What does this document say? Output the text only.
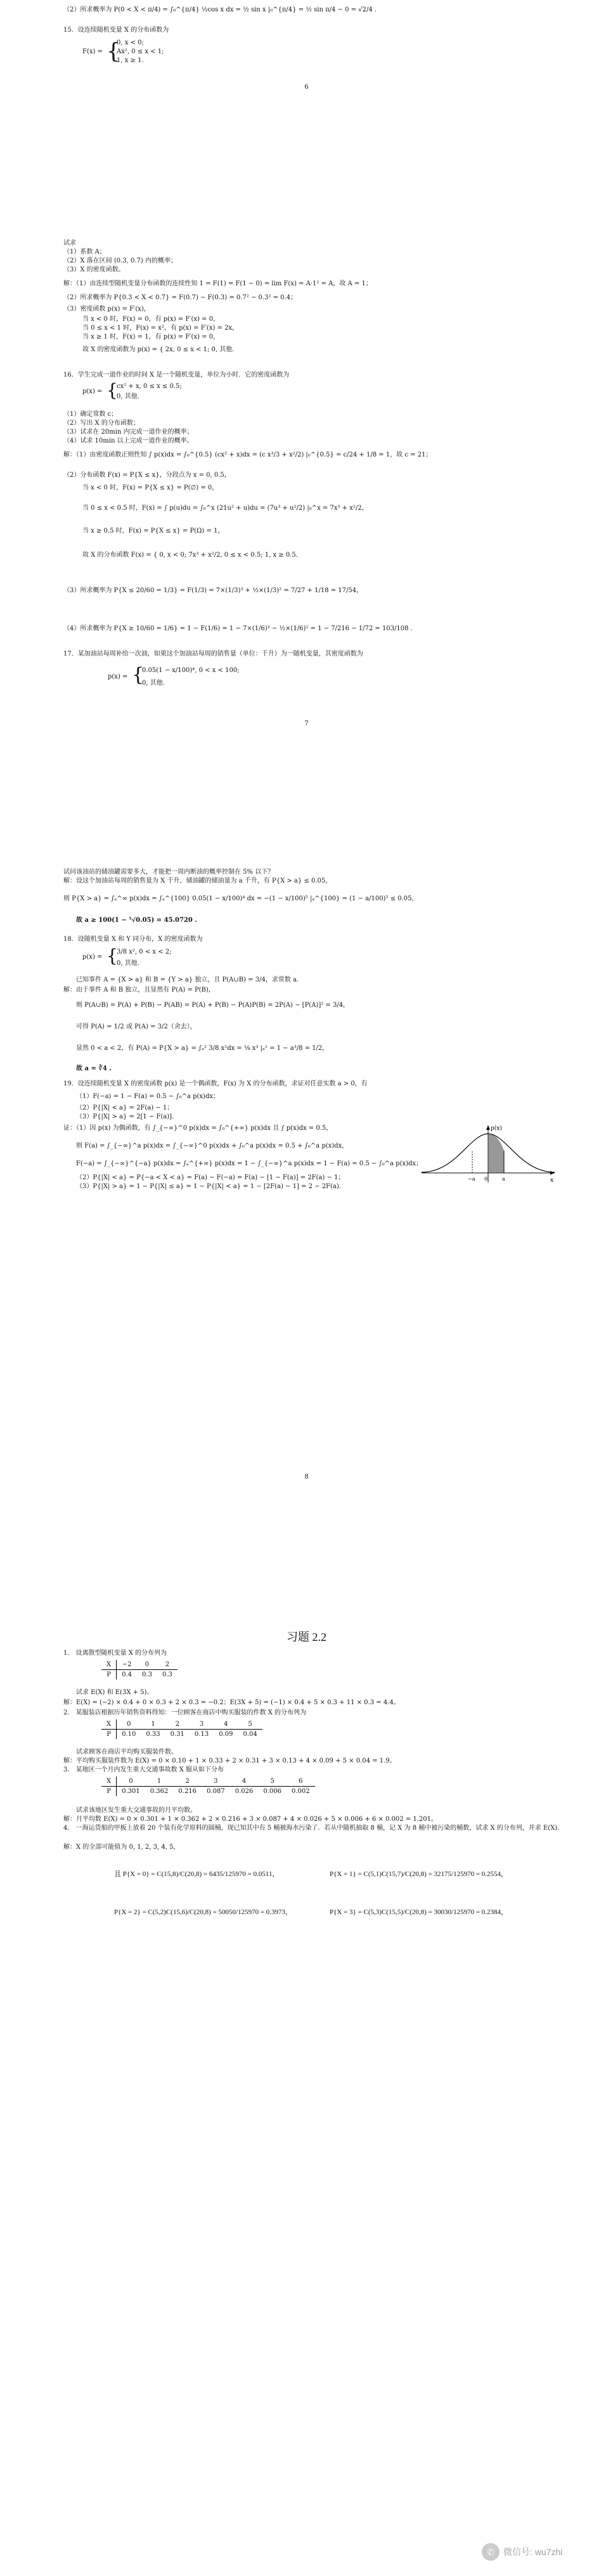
（2）所求概率为 P(0 < X < π/4) = ∫₀^{π/4} ½cos x dx = ½ sin x |₀^{π/4} = ½ sin π/4 − 0 = √2/4 .
15．设连续随机变量 X 的分布函数为
F(x) = {
0, x < 0;
Ax², 0 ≤ x < 1;
1, x ≥ 1.
6
试求
（1）系数 A；
（2）X 落在区间 (0.3, 0.7) 内的概率；
（3）X 的密度函数。
解：（1）由连续型随机变量分布函数的连续性知 1 = F(1) = F(1 − 0) = lim F(x) = A·1² = A，故 A = 1；
（2）所求概率为 P{0.3 < X < 0.7} = F(0.7) − F(0.3) = 0.7² − 0.3² = 0.4；
（3）密度函数 p(x) = F′(x)，
当 x < 0 时，F(x) = 0，有 p(x) = F′(x) = 0，
当 0 ≤ x < 1 时，F(x) = x²，有 p(x) = F′(x) = 2x，
当 x ≥ 1 时，F(x) = 1，有 p(x) = F′(x) = 0，
故 X 的密度函数为 p(x) = { 2x, 0 ≤ x < 1; 0, 其他.
16．学生完成一道作业的时间 X 是一个随机变量，单位为小时．它的密度函数为
p(x) = {
cx² + x, 0 ≤ x ≤ 0.5;
0, 其他.
（1）确定常数 c；
（2）写出 X 的分布函数；
（3）试求在 20min 内完成一道作业的概率；
（4）试求 10min 以上完成一道作业的概率。
解：（1）由密度函数正则性知 ∫ p(x)dx = ∫₀^{0.5} (cx² + x)dx = (c x³/3 + x²/2) |₀^{0.5} = c/24 + 1/8 = 1，故 c = 21；
（2）分布函数 F(x) = P{X ≤ x}，分段点为 x = 0, 0.5，
当 x < 0 时，F(x) = P{X ≤ x} = P(∅) = 0，
当 0 ≤ x < 0.5 时，F(x) = ∫ p(u)du = ∫₀^x (21u² + u)du = (7u³ + u²/2) |₀^x = 7x³ + x²/2，
当 x ≥ 0.5 时，F(x) = P{X ≤ x} = P(Ω) = 1，
故 X 的分布函数 F(x) = { 0, x < 0; 7x³ + x²/2, 0 ≤ x < 0.5; 1, x ≥ 0.5.
（3）所求概率为 P{X ≤ 20/60 = 1/3} = F(1/3) = 7×(1/3)³ + ½×(1/3)² = 7/27 + 1/18 = 17/54，
（4）所求概率为 P{X ≥ 10/60 = 1/6} = 1 − F(1/6) = 1 − 7×(1/6)³ − ½×(1/6)² = 1 − 7/216 − 1/72 = 103/108 .
17．某加油站每周补给一次油，如果这个加油站每周的销售量（单位：千升）为一随机变量，其密度函数为
p(x) = {
0.05(1 − x/100)⁴, 0 < x < 100;
0, 其他.
7
试问该油站的储油罐需要多大，才能把一周内断油的概率控制在 5% 以下？
解：设这个加油站每周的销售量为 X 千升，储油罐的储油量为 a 千升，有 P{X > a} ≤ 0.05，
则 P{X > a} = ∫ₐ^∞ p(x)dx = ∫ₐ^{100} 0.05(1 − x/100)⁴ dx = −(1 − x/100)⁵ |ₐ^{100} = (1 − a/100)⁵ ≤ 0.05，
故 a ≥ 100(1 − ⁵√0.05) = 45.0720 .
18．设随机变量 X 和 Y 同分布，X 的密度函数为
p(x) = {
3/8 x², 0 < x < 2;
0, 其他.
已知事件 A = {X > a} 和 B = {Y > a} 独立，且 P(A∪B) = 3/4，求常数 a．
解：由于事件 A 和 B 独立，且显然有 P(A) = P(B)，
则 P(A∪B) = P(A) + P(B) − P(AB) = P(A) + P(B) − P(A)P(B) = 2P(A) − [P(A)]² = 3/4，
可得 P(A) = 1/2 或 P(A) = 3/2（舍去），
显然 0 < a < 2，有 P(A) = P{X > a} = ∫ₐ² 3/8 x²dx = ⅛ x³ |ₐ² = 1 − a³/8 = 1/2，
故 a = ∛4 .
19．设连续随机变量 X 的密度函数 p(x) 是一个偶函数，F(x) 为 X 的分布函数，求证对任意实数 a > 0，有
（1）F(−a) = 1 − F(a) = 0.5 − ∫₀^a p(x)dx；
（2）P{|X| < a} = 2F(a) − 1；
（3）P{|X| > a} = 2[1 − F(a)]．
证：（1）因 p(x) 为偶函数，有 ∫_{−∞}^0 p(x)dx = ∫₀^{+∞} p(x)dx 且 ∫ p(x)dx = 0.5，
则 F(a) = ∫_{−∞}^a p(x)dx = ∫_{−∞}^0 p(x)dx + ∫₀^a p(x)dx = 0.5 + ∫₀^a p(x)dx，
F(−a) = ∫_{−∞}^{−a} p(x)dx = ∫ₐ^{+∞} p(x)dx = 1 − ∫_{−∞}^a p(x)dx = 1 − F(a) = 0.5 − ∫₀^a p(x)dx；
（2）P{|X| < a} = P{−a < X < a} = F(a) − F(−a) = F(a) − [1 − F(a)] = 2F(a) − 1；
（3）P{|X| > a} = 1 − P{|X| ≤ a} = 1 − P{|X| < a} = 1 − [2F(a) − 1] = 2 − 2F(a)．
p(x)
x
0
−a	a
8
习题 2.2
1． 设离散型随机变量 X 的分布列为
X	−2	0	2
P	0.4	0.3	0.3
试求 E(X) 和 E(3X + 5)。
解：E(X) = (−2) × 0.4 + 0 × 0.3 + 2 × 0.3 = −0.2；E(3X + 5) = (−1) × 0.4 + 5 × 0.3 + 11 × 0.3 = 4.4。
2． 某服装店根据历年销售资料得知：一位顾客在商店中购买服装的件数 X 的分布列为
X	0	1	2	3	4	5
P	0.10	0.33	0.31	0.13	0.09	0.04
试求顾客在商店平均购买服装件数。
解：平均购买服装件数为 E(X) = 0 × 0.10 + 1 × 0.33 + 2 × 0.31 + 3 × 0.13 + 4 × 0.09 + 5 × 0.04 = 1.9。
3． 某地区一个月内发生重大交通事故数 X 服从如下分布
X	0	1	2	3	4	5	6
P	0.301	0.362	0.216	0.087	0.026	0.006	0.002
试求该地区发生重大交通事故的月平均数。
解：月平均数 E(X) = 0 × 0.301 + 1 × 0.362 + 2 × 0.216 + 3 × 0.087 + 4 × 0.026 + 5 × 0.006 + 6 × 0.002 = 1.201。
4． 一海运货船的甲板上放着 20 个装有化学原料的圆桶，现已知其中有 5 桶被海水污染了．若从中随机抽取 8 桶，记 X 为 8 桶中被污染的桶数，试求 X 的分布列，并求 E(X)．
解：X 的全部可能值为 0, 1, 2, 3, 4, 5，
且 P{X = 0} = C(15,8)/C(20,8) = 6435/125970 = 0.0511，	P{X = 1} = C(5,1)C(15,7)/C(20,8) = 32175/125970 = 0.2554，
P{X = 2} = C(5,2)C(15,6)/C(20,8) = 50050/125970 = 0.3973，	P{X = 3} = C(5,3)C(15,5)/C(20,8) = 30030/125970 = 0.2384，
✆	微信号: wu7zhi
